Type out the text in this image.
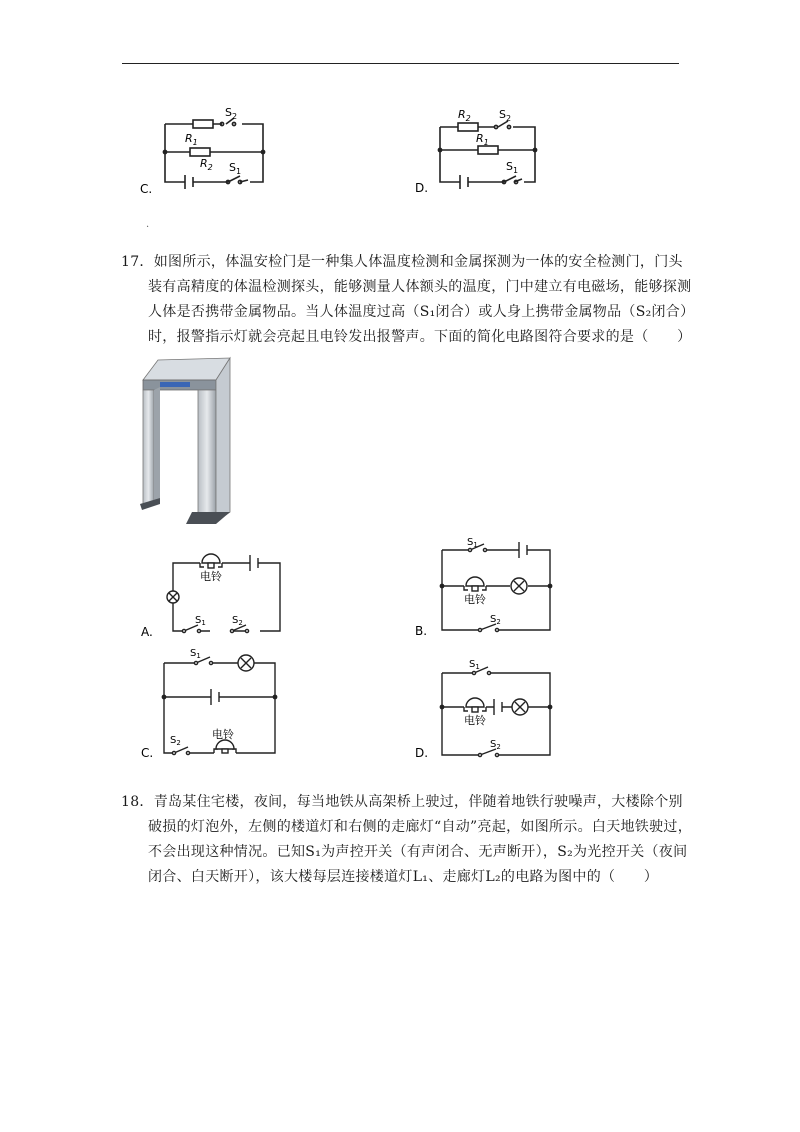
$S_2$
$R_1$
$R_2$ $S_1$
C.
$R_2$	$S_2$
$R_1$
$S_1$
D.
·
17．如图所示，体温安检门是一种集人体温度检测和金属探测为一体的安全检测门，门头
装有高精度的体温检测探头，能够测量人体额头的温度，门中建立有电磁场，能够探测
人体是否携带金属物品。当人体温度过高（S₁闭合）或人身上携带金属物品（S₂闭合）
时，报警指示灯就会亮起且电铃发出报警声。下面的简化电路图符合要求的是（　　）
电铃
$S_1$	$S_2$
A.
$S_1$
电铃
$S_2$
B.
$S_1$
$S_2$
电铃
C.
$S_1$
电铃
$S_2$
D.
18．青岛某住宅楼，夜间，每当地铁从高架桥上驶过，伴随着地铁行驶噪声，大楼除个别
破损的灯泡外，左侧的楼道灯和右侧的走廊灯“自动”亮起，如图所示。白天地铁驶过，
不会出现这种情况。已知S₁为声控开关（有声闭合、无声断开），S₂为光控开关（夜间
闭合、白天断开），该大楼每层连接楼道灯L₁、走廊灯L₂的电路为图中的（　　）
